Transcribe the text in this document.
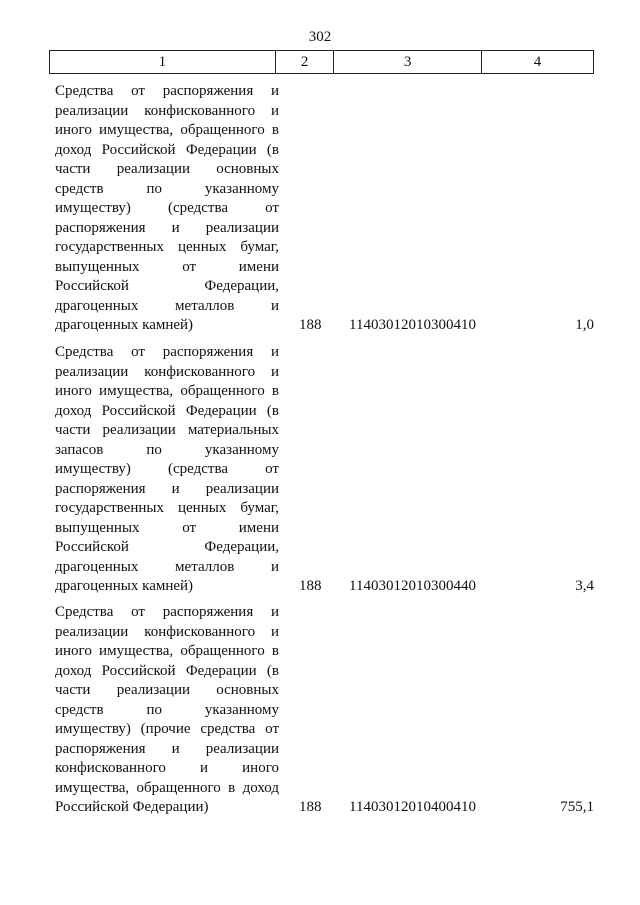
302
1	2	3	4
Средства от распоряжения и
реализации конфискованного и
иного имущества, обращенного в
доход Российской Федерации (в
части реализации основных
средств по указанному
имуществу) (средства от
распоряжения и реализации
государственных ценных бумаг,
выпущенных от имени
Российской Федерации,
драгоценных металлов и
драгоценных камней)	188 11403012010300410	1,0
Средства от распоряжения и
реализации конфискованного и
иного имущества, обращенного в
доход Российской Федерации (в
части реализации материальных
запасов по указанному
имуществу) (средства от
распоряжения и реализации
государственных ценных бумаг,
выпущенных от имени
Российской Федерации,
драгоценных металлов и
драгоценных камней)	188 11403012010300440	3,4
Средства от распоряжения и
реализации конфискованного и
иного имущества, обращенного в
доход Российской Федерации (в
части реализации основных
средств по указанному
имуществу) (прочие средства от
распоряжения и реализации
конфискованного и иного
имущества, обращенного в доход
Российской Федерации)	188 11403012010400410	755,1
